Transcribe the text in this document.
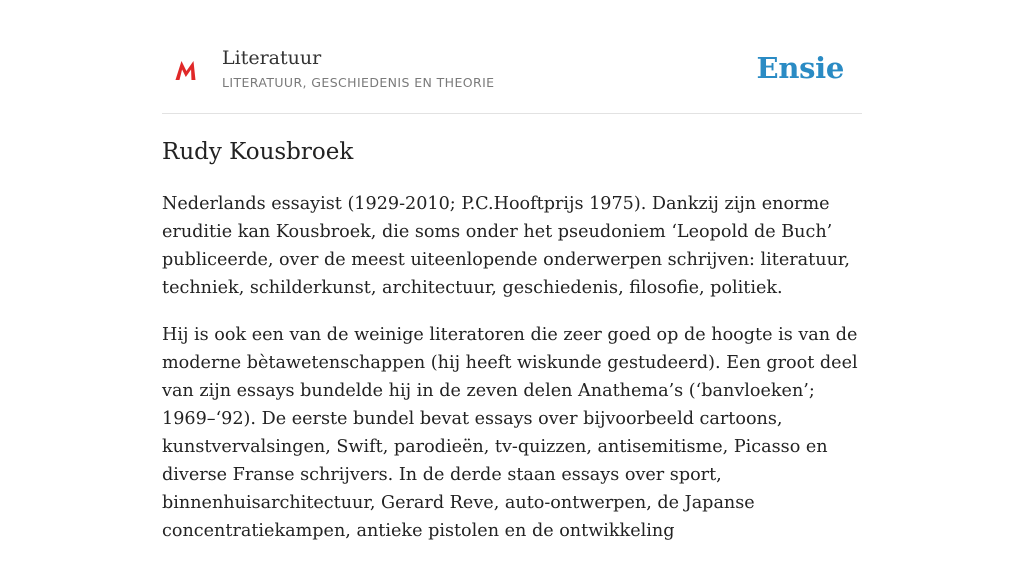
Literatuur
LITERATUUR, GESCHIEDENIS EN THEORIE	Ensie
Rudy Kousbroek

Nederlands essayist (1929-2010; P.C.Hooftprijs 1975). Dankzij zijn enorme eruditie kan Kousbroek, die soms onder het pseudoniem ‘Leopold de Buch’ publiceerde, over de meest uiteenlopende onderwerpen schrijven: literatuur, techniek, schilderkunst, architectuur, geschiedenis, filosofie, politiek.

Hij is ook een van de weinige literatoren die zeer goed op de hoogte is van de moderne bètawetenschappen (hij heeft wiskunde gestudeerd). Een groot deel van zijn essays bundelde hij in de zeven delen Anathema’s (‘banvloeken’; 1969–‘92). De eerste bundel bevat essays over bijvoorbeeld cartoons, kunstvervalsingen, Swift, parodieën, tv-quizzen, antisemitisme, Picasso en diverse Franse schrijvers. In de derde staan essays over sport, binnenhuisarchitectuur, Gerard Reve, auto-ontwerpen, de Japanse concentratiekampen, antieke pistolen en de ontwikkeling
